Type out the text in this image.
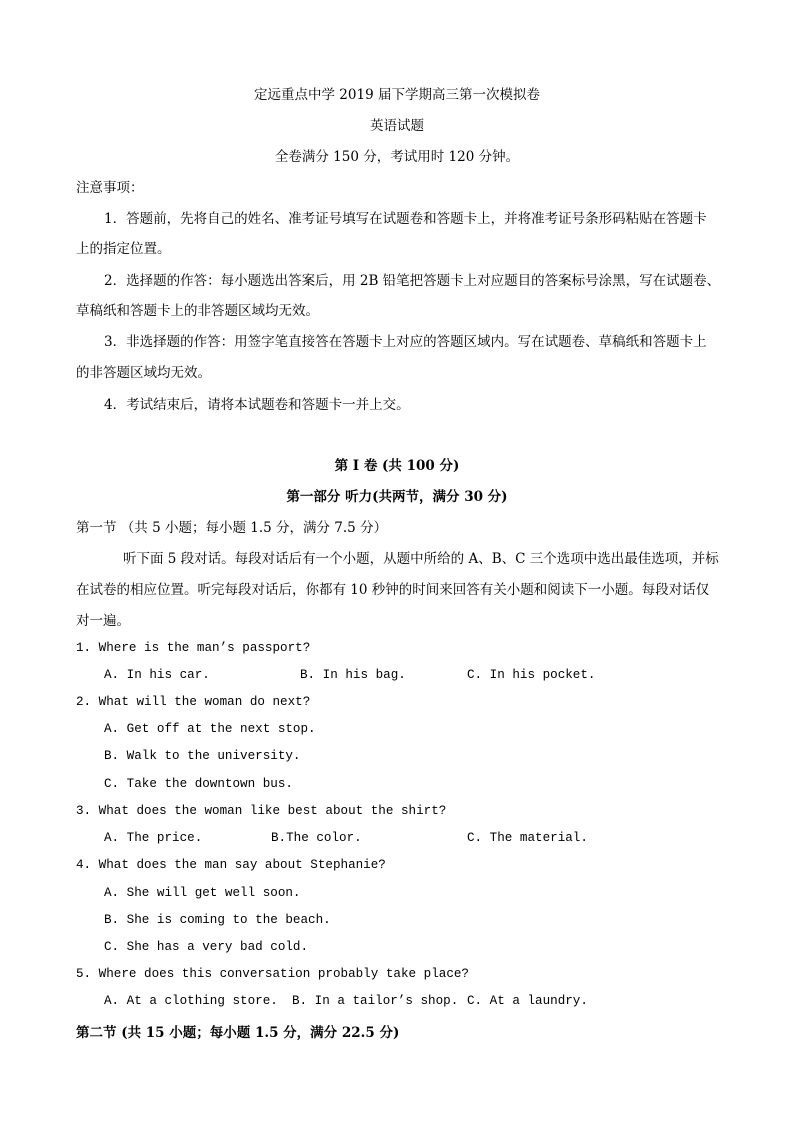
定远重点中学 2019 届下学期高三第一次模拟卷
英语试题
全卷满分 150 分，考试用时 120 分钟。
注意事项：
1．答题前，先将自己的姓名、准考证号填写在试题卷和答题卡上，并将准考证号条形码粘贴在答题卡
上的指定位置。
2．选择题的作答：每小题选出答案后，用 2B 铅笔把答题卡上对应题目的答案标号涂黑，写在试题卷、
草稿纸和答题卡上的非答题区域均无效。
3．非选择题的作答：用签字笔直接答在答题卡上对应的答题区域内。写在试题卷、草稿纸和答题卡上
的非答题区域均无效。
4．考试结束后，请将本试题卷和答题卡一并上交。
第 I 卷 (共 100 分)
第一部分 听力(共两节，满分 30 分)
第一节 （共 5 小题；每小题 1.5 分，满分 7.5 分）
听下面 5 段对话。每段对话后有一个小题，从题中所给的 A、B、C 三个选项中选出最佳选项，并标
在试卷的相应位置。听完每段对话后，你都有 10 秒钟的时间来回答有关小题和阅读下一小题。每段对话仅
对一遍。
1. Where is the man’s passport?
A. In his car.	B. In his bag.	C. In his pocket.
2. What will the woman do next?
A. Get off at the next stop.
B. Walk to the university.
C. Take the downtown bus.
3. What does the woman like best about the shirt?
A. The price.	B.The color.	C. The material.
4. What does the man say about Stephanie?
A. She will get well soon.
B. She is coming to the beach.
C. She has a very bad cold.
5. Where does this conversation probably take place?
A. At a clothing store. B. In a tailor’s shop. C. At a laundry.
第二节 (共 15 小题；每小题 1.5 分，满分 22.5 分)
